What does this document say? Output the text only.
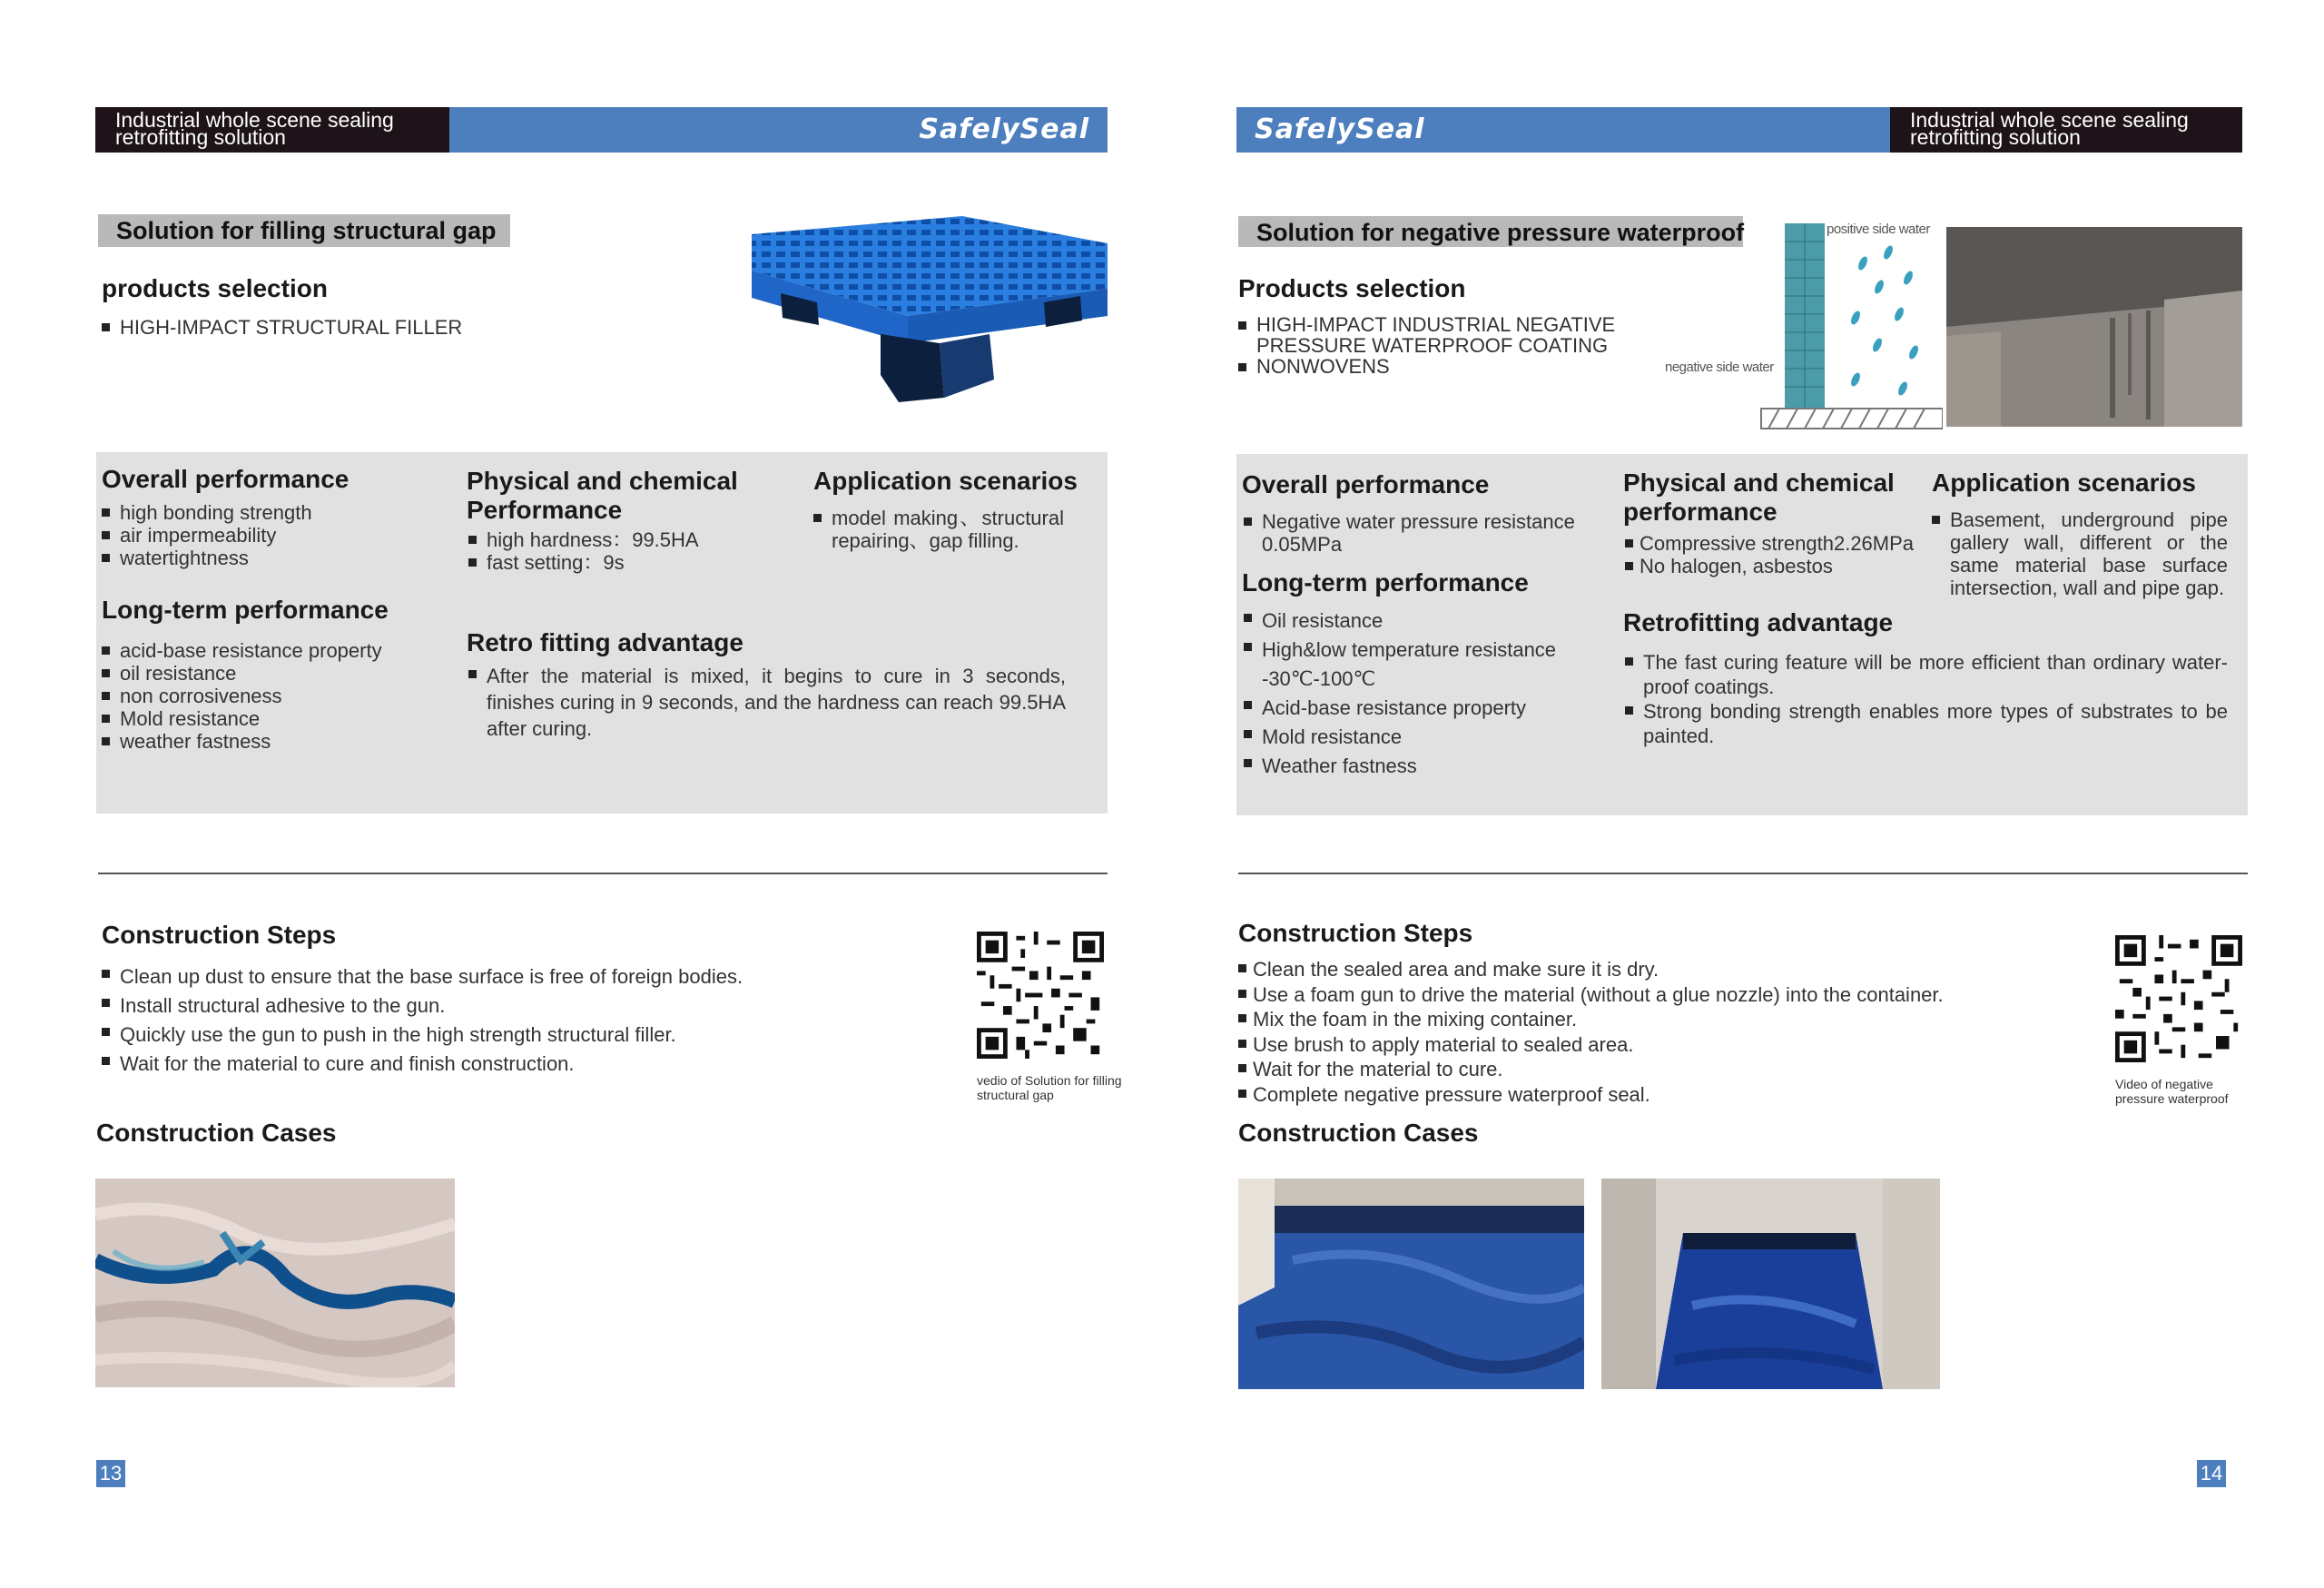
Industrial whole scene sealing retrofitting solution	SafelySeal
Solution for filling structural gap
products selection
HIGH-IMPACT STRUCTURAL FILLER
Overall performance
high bonding strength
air impermeability
watertightness
Long-term performance
acid-base resistance property
oil resistance
non corrosiveness
Mold resistance
weather fastness
Physical and chemical Performance
high hardness：99.5HA
fast setting：9s
Application scenarios
model making、structural repairing、gap filling.
Retro fitting advantage
After the material is mixed, it begins to cure in 3 seconds, finishes curing in 9 seconds, and the hardness can reach 99.5HA after curing.
Construction Steps
Clean up dust to ensure that the base surface is free of foreign bodies.
Install structural adhesive to the gun.
Quickly use the gun to push in the high strength structural filler.
Wait for the material to cure and finish construction.
vedio of Solution for filling structural gap
Construction Cases
13
SafelySeal	Industrial whole scene sealing retrofitting solution
Solution for negative pressure waterproof
Products selection
HIGH-IMPACT INDUSTRIAL NEGATIVE PRESSURE WATERPROOF COATING
NONWOVENS
positive side water
negative side water
Overall performance
Negative water pressure resistance 0.05MPa
Long-term performance
Oil resistance
High&low temperature resistance -30℃-100℃
Acid-base resistance property
Mold resistance
Weather fastness
Physical and chemical performance
Compressive strength2.26MPa
No halogen, asbestos
Application scenarios
Basement, underground pipe gallery wall, different or the same material base surface intersection, wall and pipe gap.
Retrofitting advantage
The fast curing feature will be more efficient than ordinary water-proof coatings.
Strong bonding strength enables more types of substrates to be painted.
Construction Steps
Clean the sealed area and make sure it is dry.
Use a foam gun to drive the material (without a glue nozzle) into the container.
Mix the foam in the mixing container.
Use brush to apply material to sealed area.
Wait for the material to cure.
Complete negative pressure waterproof seal.	Video of negative pressure waterproof
Construction Cases
14
